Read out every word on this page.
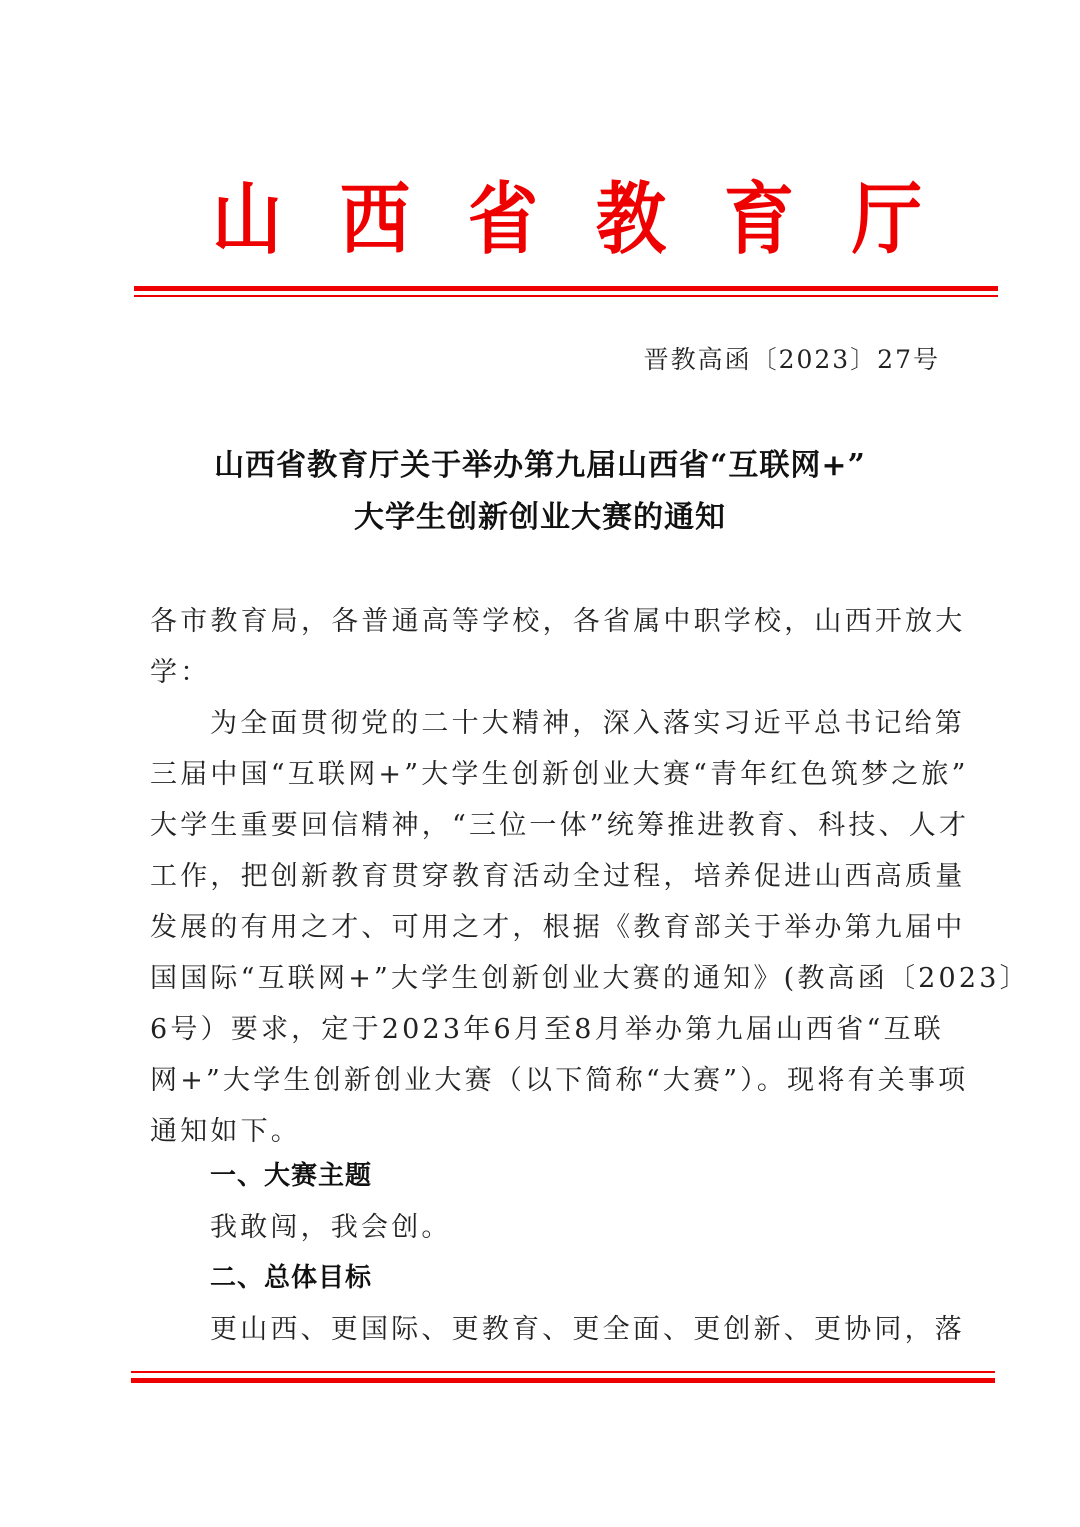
山 西 省 教 育 厅
晋教高函〔2023〕27号
山西省教育厅关于举办第九届山西省“互联网+”
大学生创新创业大赛的通知
各市教育局，各普通高等学校，各省属中职学校，山西开放大
学：
为全面贯彻党的二十大精神，深入落实习近平总书记给第
三届中国“互联网+”大学生创新创业大赛“青年红色筑梦之旅”
大学生重要回信精神，“三位一体”统筹推进教育、科技、人才
工作，把创新教育贯穿教育活动全过程，培养促进山西高质量
发展的有用之才、可用之才，根据《教育部关于举办第九届中
国国际“互联网+”大学生创新创业大赛的通知》(教高函〔2023〕
6号）要求，定于2023年6月至8月举办第九届山西省“互联
网+”大学生创新创业大赛（以下简称“大赛”）。现将有关事项
通知如下。
一、大赛主题
我敢闯，我会创。
二、总体目标
更山西、更国际、更教育、更全面、更创新、更协同，落
